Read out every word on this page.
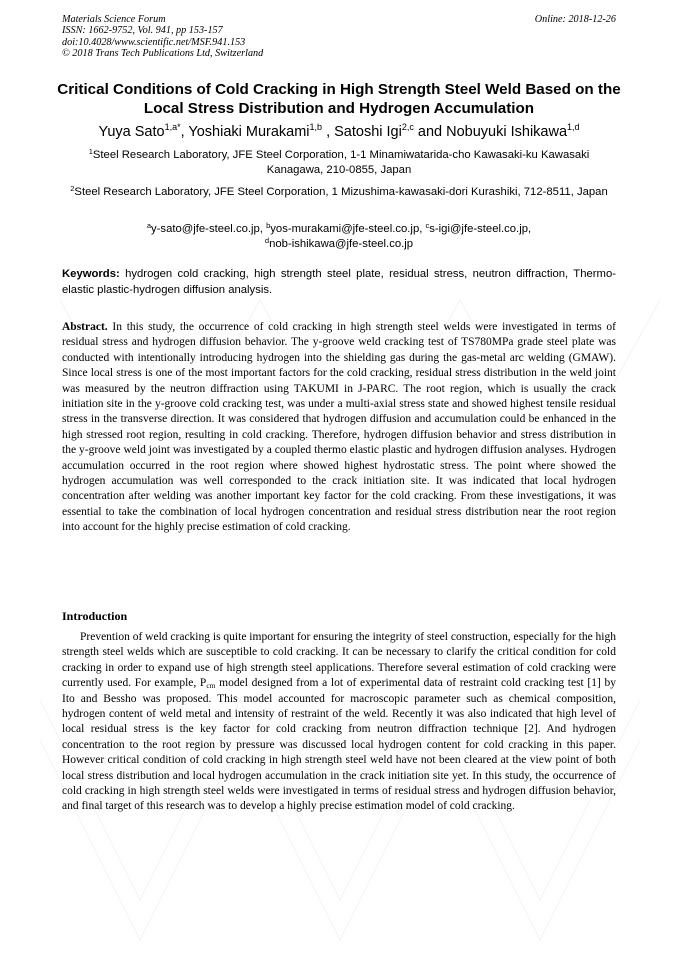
Materials Science Forum
ISSN: 1662-9752, Vol. 941, pp 153-157
doi:10.4028/www.scientific.net/MSF.941.153
© 2018 Trans Tech Publications Ltd, Switzerland
Online: 2018-12-26
Critical Conditions of Cold Cracking in High Strength Steel Weld Based on the Local Stress Distribution and Hydrogen Accumulation
Yuya Sato$^{1,a*}$, Yoshiaki Murakami$^{1,b}$ , Satoshi Igi$^{2,c}$ and Nobuyuki Ishikawa$^{1,d}$
$^1$Steel Research Laboratory, JFE Steel Corporation, 1-1 Minamiwatarida-cho Kawasaki-ku Kawasaki Kanagawa, 210-0855, Japan
$^2$Steel Research Laboratory, JFE Steel Corporation, 1 Mizushima-kawasaki-dori Kurashiki, 712-8511, Japan
$^a$y-sato@jfe-steel.co.jp, $^b$yos-murakami@jfe-steel.co.jp, $^c$s-igi@jfe-steel.co.jp,
$^d$nob-ishikawa@jfe-steel.co.jp
Keywords: hydrogen cold cracking, high strength steel plate, residual stress, neutron diffraction, Thermo-elastic plastic-hydrogen diffusion analysis.
Abstract. In this study, the occurrence of cold cracking in high strength steel welds were investigated in terms of residual stress and hydrogen diffusion behavior. The y-groove weld cracking test of TS780MPa grade steel plate was conducted with intentionally introducing hydrogen into the shielding gas during the gas-metal arc welding (GMAW). Since local stress is one of the most important factors for the cold cracking, residual stress distribution in the weld joint was measured by the neutron diffraction using TAKUMI in J-PARC. The root region, which is usually the crack initiation site in the y-groove cold cracking test, was under a multi-axial stress state and showed highest tensile residual stress in the transverse direction. It was considered that hydrogen diffusion and accumulation could be enhanced in the high stressed root region, resulting in cold cracking. Therefore, hydrogen diffusion behavior and stress distribution in the y-groove weld joint was investigated by a coupled thermo elastic plastic and hydrogen diffusion analyses. Hydrogen accumulation occurred in the root region where showed highest hydrostatic stress. The point where showed the hydrogen accumulation was well corresponded to the crack initiation site. It was indicated that local hydrogen concentration after welding was another important key factor for the cold cracking. From these investigations, it was essential to take the combination of local hydrogen concentration and residual stress distribution near the root region into account for the highly precise estimation of cold cracking.
Introduction
Prevention of weld cracking is quite important for ensuring the integrity of steel construction, especially for the high strength steel welds which are susceptible to cold cracking. It can be necessary to clarify the critical condition for cold cracking in order to expand use of high strength steel applications. Therefore several estimation of cold cracking were currently used. For example, $P_{cm}$ model designed from a lot of experimental data of restraint cold cracking test [1] by Ito and Bessho was proposed. This model accounted for macroscopic parameter such as chemical composition, hydrogen content of weld metal and intensity of restraint of the weld. Recently it was also indicated that high level of local residual stress is the key factor for cold cracking from neutron diffraction technique [2]. And hydrogen concentration to the root region by pressure was discussed local hydrogen content for cold cracking in this paper. However critical condition of cold cracking in high strength steel weld have not been cleared at the view point of both local stress distribution and local hydrogen accumulation in the crack initiation site yet. In this study, the occurrence of cold cracking in high strength steel welds were investigated in terms of residual stress and hydrogen diffusion behavior, and final target of this research was to develop a highly precise estimation model of cold cracking.
